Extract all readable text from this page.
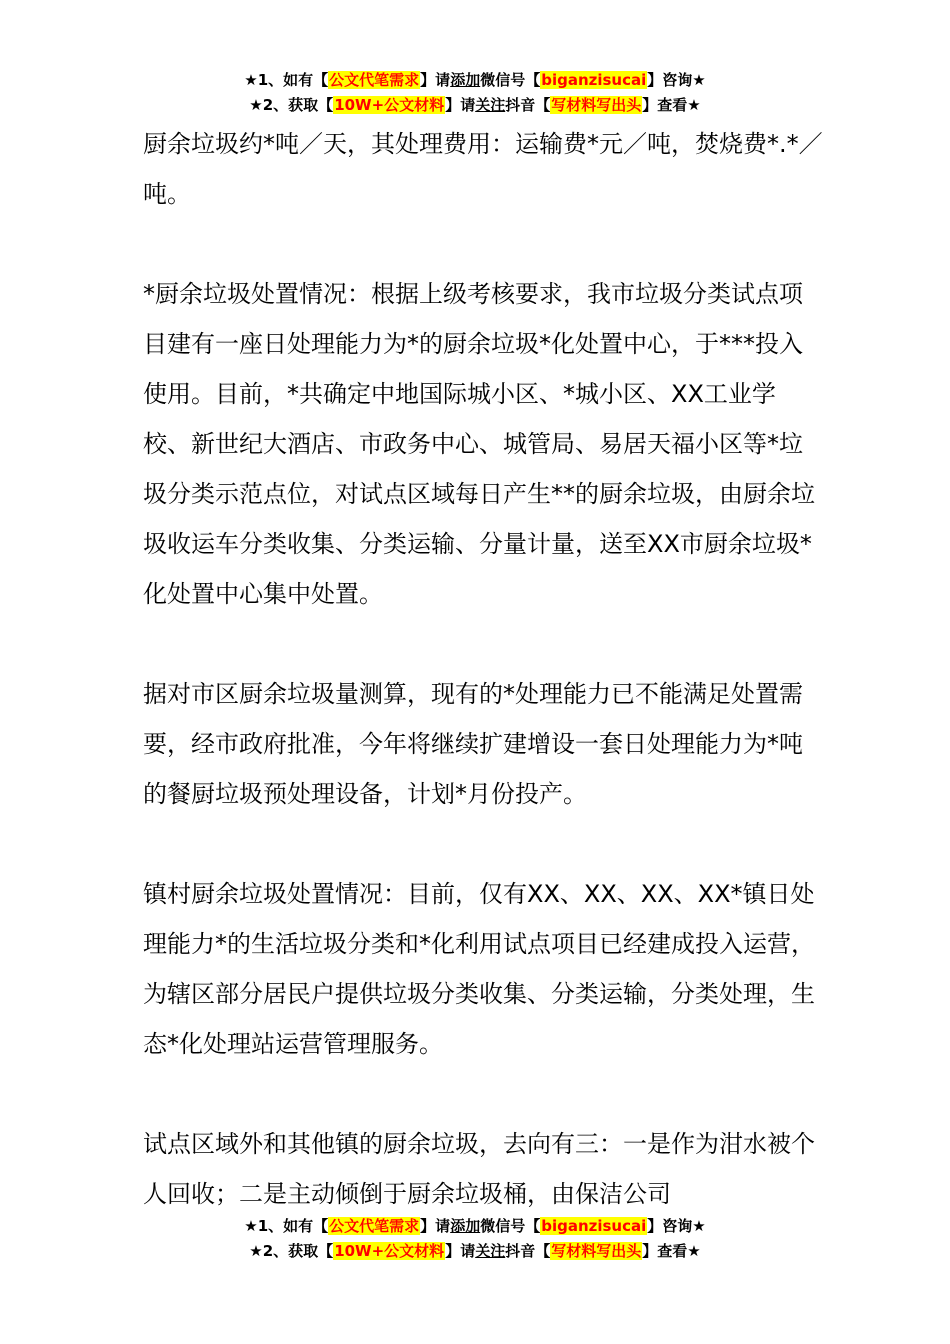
★1、如有【公文代笔需求】请添加微信号【biganzisucai】咨询★
★2、获取【10W+公文材料】请关注抖音【写材料写出头】查看★

厨余垃圾约*吨／天，其处理费用：运输费*元／吨，焚烧费*.*／吨。

*厨余垃圾处置情况：根据上级考核要求，我市垃圾分类试点项目建有一座日处理能力为*的厨余垃圾*化处置中心，于***投入使用。目前，*共确定中地国际城小区、*城小区、XX工业学校、新世纪大酒店、市政务中心、城管局、易居天福小区等*垃圾分类示范点位，对试点区域每日产生**的厨余垃圾，由厨余垃圾收运车分类收集、分类运输、分量计量，送至XX市厨余垃圾*化处置中心集中处置。

据对市区厨余垃圾量测算，现有的*处理能力已不能满足处置需要，经市政府批准，今年将继续扩建增设一套日处理能力为*吨的餐厨垃圾预处理设备，计划*月份投产。

镇村厨余垃圾处置情况：目前，仅有XX、XX、XX、XX*镇日处理能力*的生活垃圾分类和*化利用试点项目已经建成投入运营，为辖区部分居民户提供垃圾分类收集、分类运输，分类处理，生态*化处理站运营管理服务。

试点区域外和其他镇的厨余垃圾，去向有三：一是作为泔水被个人回收；二是主动倾倒于厨余垃圾桶，由保洁公司

★1、如有【公文代笔需求】请添加微信号【biganzisucai】咨询★
★2、获取【10W+公文材料】请关注抖音【写材料写出头】查看★
